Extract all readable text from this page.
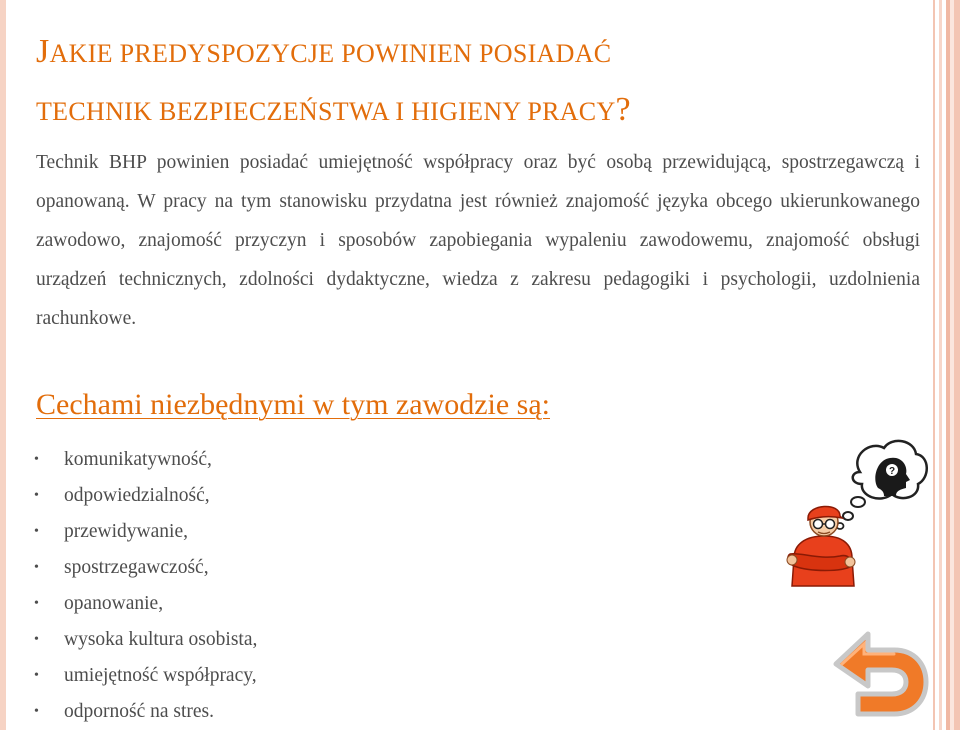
JAKIE PREDYSPOZYCJE POWINIEN POSIADAĆ
TECHNIK BEZPIECZEŃSTWA I HIGIENY PRACY?
Technik BHP powinien posiadać umiejętność współpracy oraz być osobą przewidującą, spostrzegawczą i opanowaną. W pracy na tym stanowisku przydatna jest również znajomość języka obcego ukierunkowanego zawodowo, znajomość przyczyn i sposobów zapobiegania wypaleniu zawodowemu, znajomość obsługi urządzeń technicznych, zdolności dydaktyczne, wiedza z zakresu pedagogiki i psychologii, uzdolnienia rachunkowe.
Cechami niezbędnymi w tym zawodzie są:
• komunikatywność,
• odpowiedzialność,
• przewidywanie,
• spostrzegawczość,
• opanowanie,
• wysoka kultura osobista,
• umiejętność współpracy,
• odporność na stres.
?
